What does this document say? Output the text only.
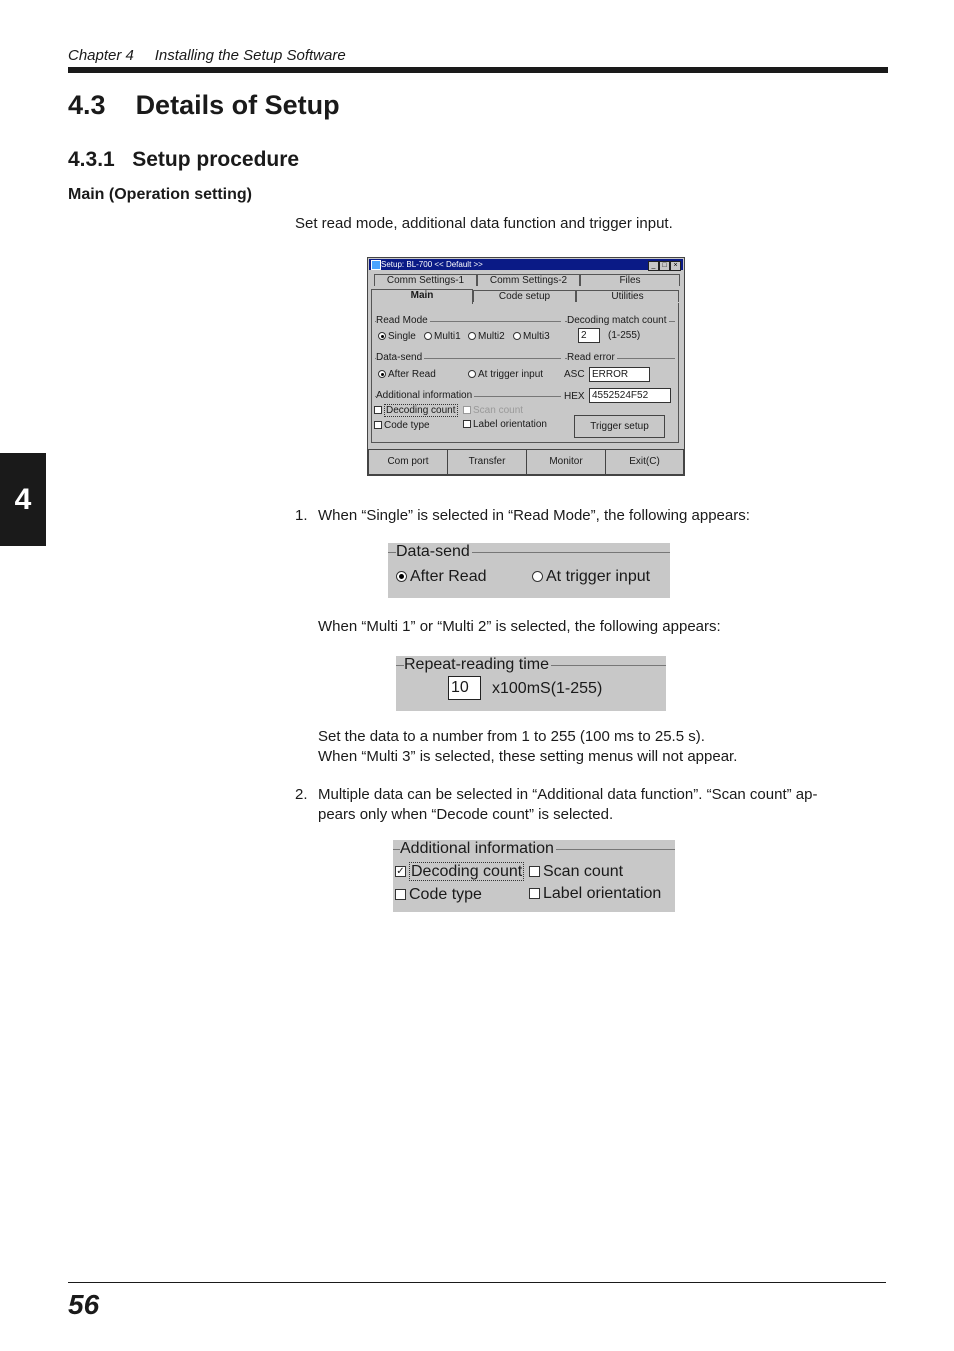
Chapter 4 Installing the Setup Software
4.3 Details of Setup
4.3.1 Setup procedure
Main (Operation setting)
Set read mode, additional data function and trigger input.
4
Setup: BL-700 << Default >>	_ □ ×
Comm Settings-1	Comm Settings-2	Files
Main	Code setup	Utilities
Read Mode
Single	Multi1	Multi2	Multi3
Decoding match count
2	(1-255)
Data-send
After Read	At trigger input
Read error
ASC ERROR
HEX 4552524F52
Additional information
Decoding count	Scan count
Code type	Label orientation	Trigger setup
Com port	Transfer	Monitor	Exit(C)
1. When “Single” is selected in “Read Mode”, the following appears:
Data-send
After Read	At trigger input
When “Multi 1” or “Multi 2” is selected, the following appears:
Repeat-reading time
10	x100mS(1-255)
Set the data to a number from 1 to 255 (100 ms to 25.5 s).
When “Multi 3” is selected, these setting menus will not appear.
2. Multiple data can be selected in “Additional data function”. “Scan count” ap-
pears only when “Decode count” is selected.
Additional information
✓ Decoding count	Scan count
Code type	Label orientation
56
